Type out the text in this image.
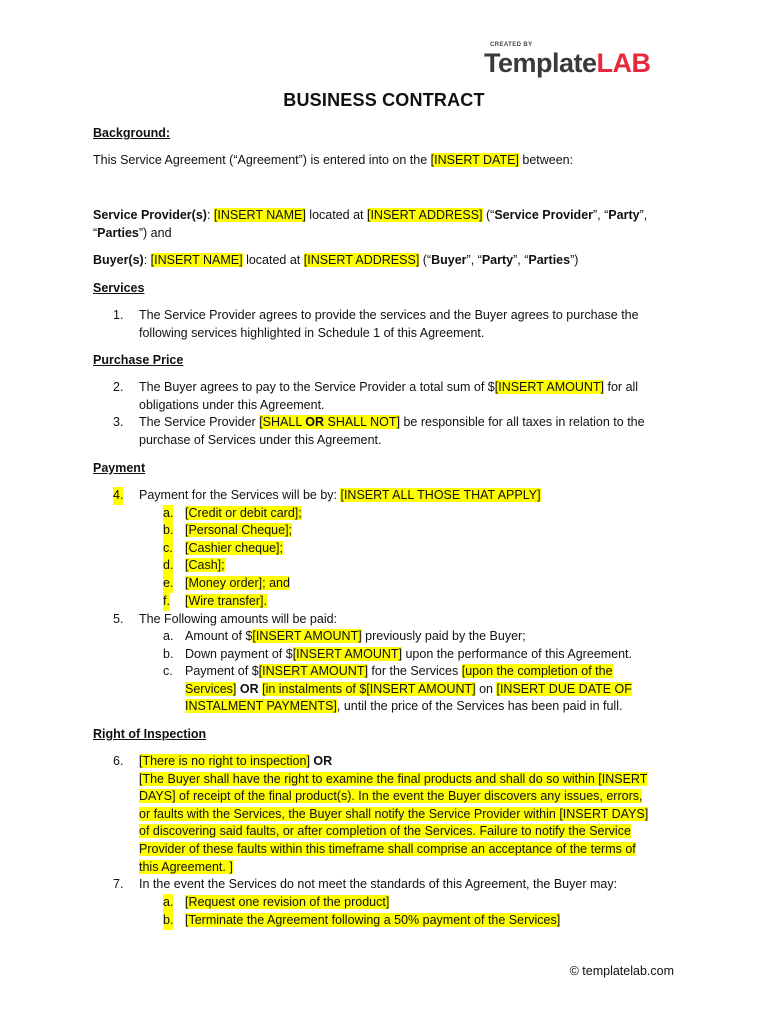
CREATED BY
TemplateLAB
BUSINESS CONTRACT
Background:
This Service Agreement (“Agreement”) is entered into on the [INSERT DATE] between:
Service Provider(s): [INSERT NAME] located at [INSERT ADDRESS] (“Service Provider”, “Party”,
“Parties”) and
Buyer(s): [INSERT NAME] located at [INSERT ADDRESS] (“Buyer”, “Party”, “Parties”)
Services
1. The Service Provider agrees to provide the services and the Buyer agrees to purchase the
following services highlighted in Schedule 1 of this Agreement.
Purchase Price
2. The Buyer agrees to pay to the Service Provider a total sum of $[INSERT AMOUNT] for all
obligations under this Agreement.
3. The Service Provider [SHALL OR SHALL NOT] be responsible for all taxes in relation to the
purchase of Services under this Agreement.
Payment
4. Payment for the Services will be by: [INSERT ALL THOSE THAT APPLY]
a. [Credit or debit card];
b. [Personal Cheque];
c. [Cashier cheque];
d. [Cash];
e. [Money order]; and
f. [Wire transfer].
5. The Following amounts will be paid:
a. Amount of $[INSERT AMOUNT] previously paid by the Buyer;
b. Down payment of $[INSERT AMOUNT] upon the performance of this Agreement.
c. Payment of $[INSERT AMOUNT] for the Services [upon the completion of the
Services] OR [in instalments of $[INSERT AMOUNT] on [INSERT DUE DATE OF
INSTALMENT PAYMENTS], until the price of the Services has been paid in full.
Right of Inspection
6. [There is no right to inspection] OR
[The Buyer shall have the right to examine the final products and shall do so within [INSERT
DAYS] of receipt of the final product(s). In the event the Buyer discovers any issues, errors,
or faults with the Services, the Buyer shall notify the Service Provider within [INSERT DAYS]
of discovering said faults, or after completion of the Services. Failure to notify the Service
Provider of these faults within this timeframe shall comprise an acceptance of the terms of
this Agreement. ]
7. In the event the Services do not meet the standards of this Agreement, the Buyer may:
a. [Request one revision of the product]
b. [Terminate the Agreement following a 50% payment of the Services]
© templatelab.com
